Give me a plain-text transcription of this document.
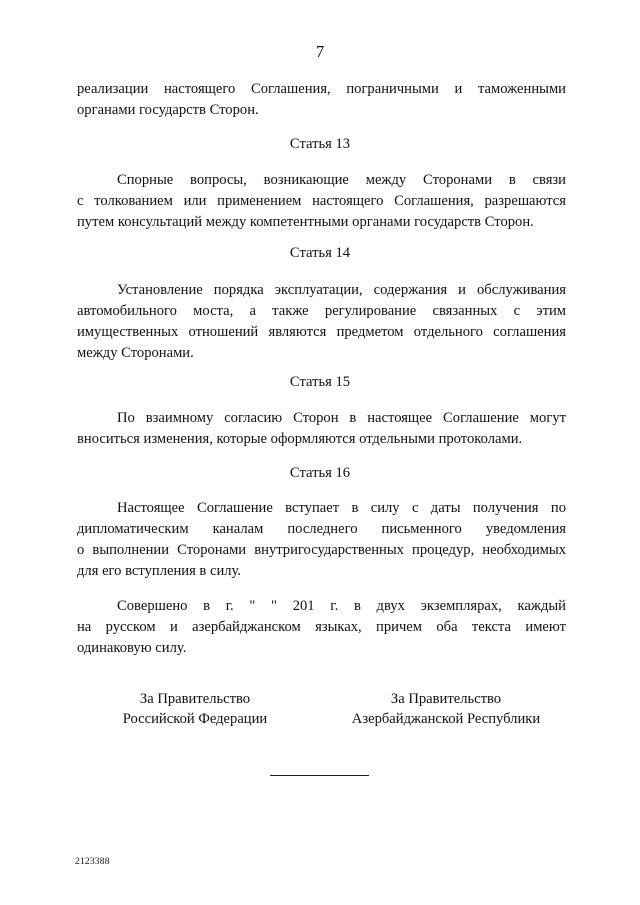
7
реализации настоящего Соглашения, пограничными и таможенными
органами государств Сторон.
Статья 13
Спорные вопросы, возникающие между Сторонами в связи
с толкованием или применением настоящего Соглашения, разрешаются
путем консультаций между компетентными органами государств Сторон.
Статья 14
Установление порядка эксплуатации, содержания и обслуживания
автомобильного моста, а также регулирование связанных с этим
имущественных отношений являются предметом отдельного соглашения
между Сторонами.
Статья 15
По взаимному согласию Сторон в настоящее Соглашение могут
вноситься изменения, которые оформляются отдельными протоколами.
Статья 16
Настоящее Соглашение вступает в силу с даты получения по
дипломатическим каналам последнего письменного уведомления
о выполнении Сторонами внутригосударственных процедур, необходимых
для его вступления в силу.
Совершено в г. " " 201 г. в двух экземплярах, каждый
на русском и азербайджанском языках, причем оба текста имеют
одинаковую силу.
За Правительство
Российской Федерации
За Правительство
Азербайджанской Республики
2123388
